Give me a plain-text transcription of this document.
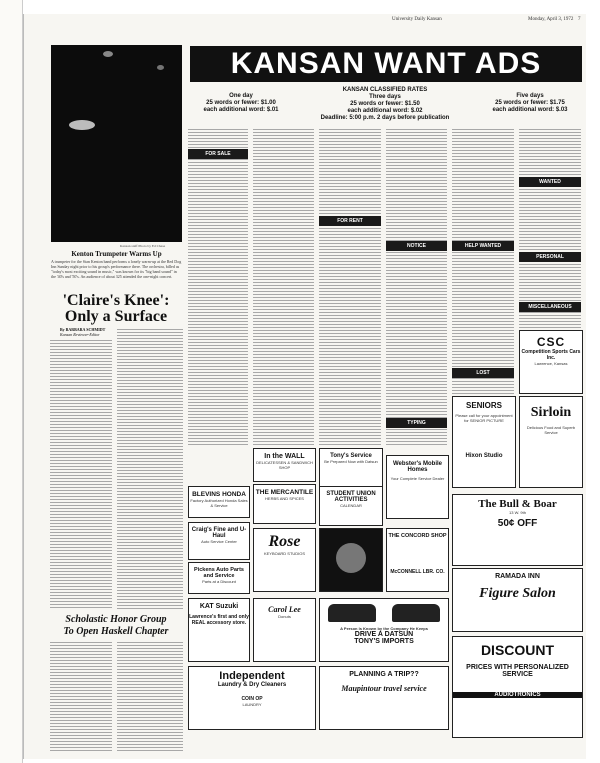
University Daily Kansan	Monday, April 3, 1972 7
Kansan staff Photo by Ed Chase
Kenton Trumpeter Warms Up
A trumpeter for the Stan Kenton band performs a lonely warm-up at the Red Dog Inn Sunday night prior to his group's performance there. The orchestra, billed as "today's most exciting sound in music," was known for its "big band sound" in the '40's and '50's. An audience of about 325 attended the one-night concert.
'Claire's Knee':
Only a Surface
By BARBARA SCHMIDT
Kansan Reviewer-Editor
Scholastic Honor Group
To Open Haskell Chapter
KANSAN WANT ADS
One day
25 words or fewer: $1.00
each additional word: $.01
KANSAN CLASSIFIED RATES
Three days
25 words or fewer: $1.50
each additional word: $.02
Deadline: 5:00 p.m. 2 days before publication
Five days
25 words or fewer: $1.75
each additional word: $.03
FOR SALE
FOR RENT
NOTICE	HELP WANTED
WANTED
PERSONAL
MISCELLANEOUS
LOST
TYPING
In the WALL
DELICATESSEN & SANDWICH SHOP
Tony's Service
Be Prepared Now with Datsun	Webster's Mobile Homes
Your Complete Service Dealer
BLEVINS HONDA
Factory Authorized Honda Sales & Service
THE MERCANTILE
HERBS AND SPICES
STUDENT UNION ACTIVITIES
CALENDAR
CSC
Competition Sports Cars Inc.
Lawrence, Kansas
SENIORS
Please call for your appointment for SENIOR PICTURE
Hixon Studio
Sirloin
Delicious Food and Superb Service
The Bull & Boar
13 W. 9th
50¢ OFF
RAMADA INN
Figure Salon
Craig's Fine and U-Haul
Auto Service Center	Rose
KEYBOARD STUDIOS
THE CONCORD SHOP
McCONNELL LBR. CO.
Pickens Auto Parts and Service
Parts at a Discount
KAT Suzuki
Lawrence's first and only REAL accessory store.
Carol Lee
Donuts
A Person Is Known by the Company He Keeps
DRIVE A DATSUN
TONY'S IMPORTS
Independent
Laundry & Dry Cleaners
COIN OP
LAUNDRY
PLANNING A TRIP??
Maupintour travel service
DISCOUNT
PRICES WITH PERSONALIZED SERVICE
AUDIOTRONICS
